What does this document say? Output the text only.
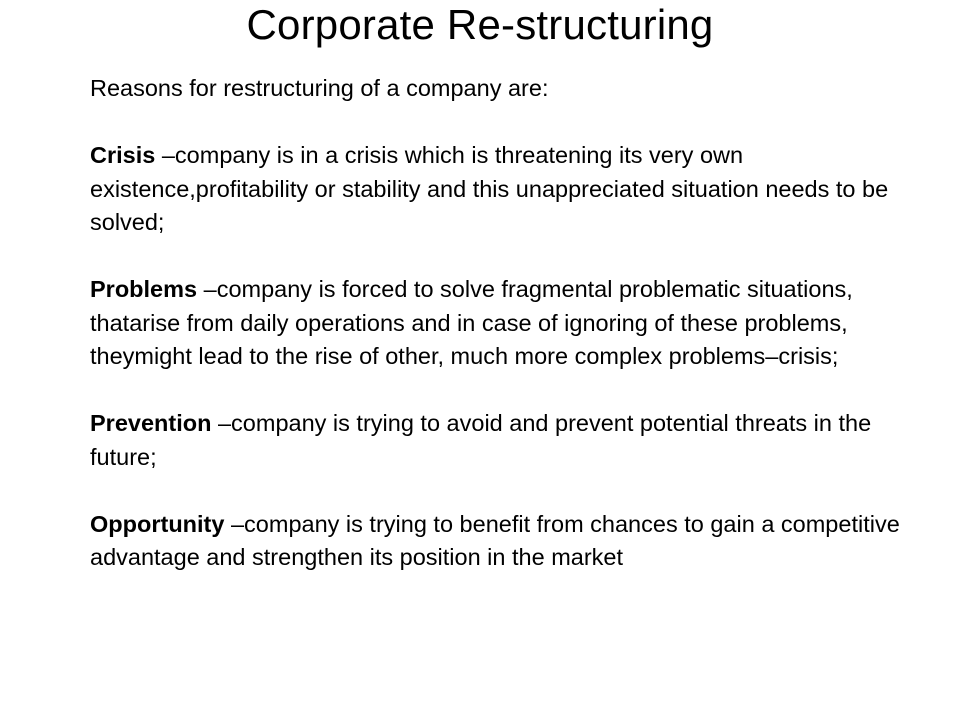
Corporate Re-structuring

Reasons for restructuring of a company are:

Crisis –company is in a crisis which is threatening its very own existence,profitability or stability and this unappreciated situation needs to be solved;

Problems –company is forced to solve fragmental problematic situations, thatarise from daily operations and in case of ignoring of these problems, theymight lead to the rise of other, much more complex problems–crisis;

Prevention –company is trying to avoid and prevent potential threats in the future;

Opportunity –company is trying to benefit from chances to gain a competitive advantage and strengthen its position in the market
